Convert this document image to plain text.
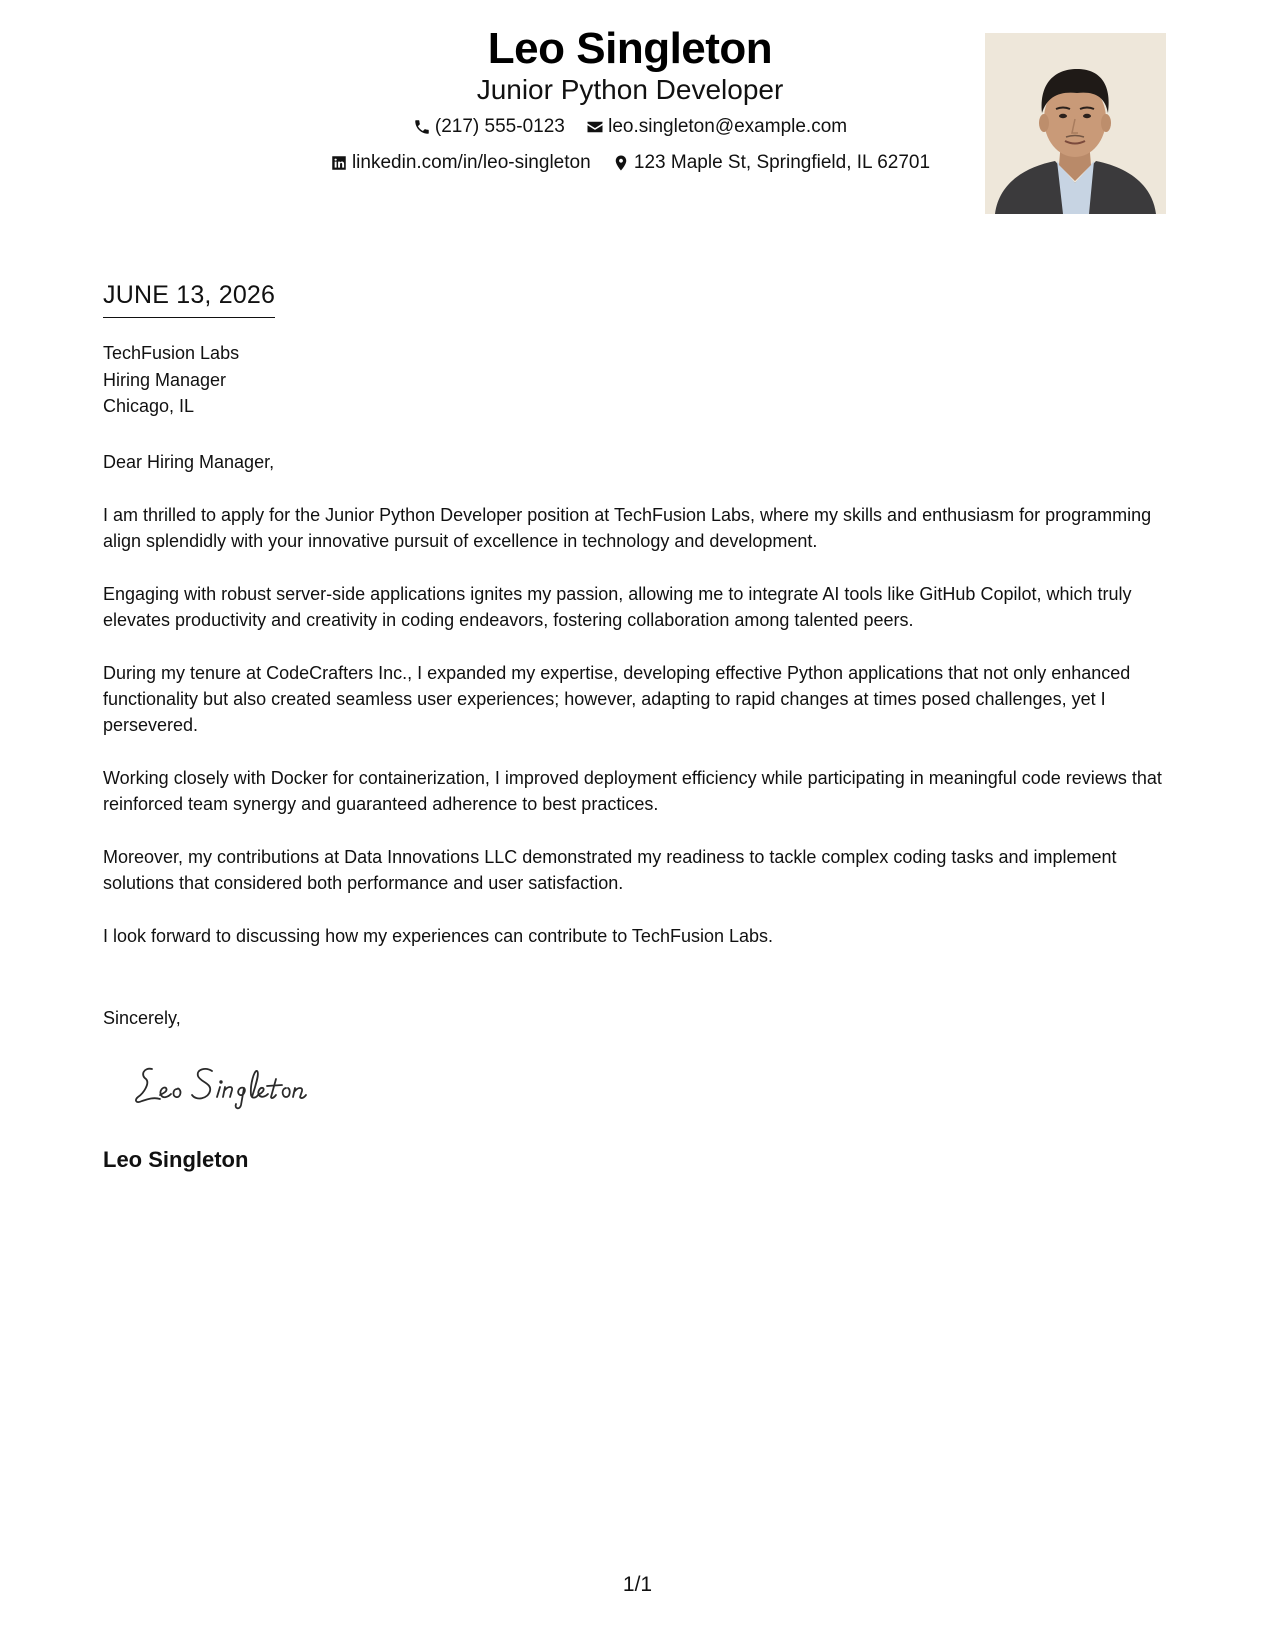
Leo Singleton
Junior Python Developer
(217) 555-0123
leo.singleton@example.com
linkedin.com/in/leo-singleton
123 Maple St, Springfield, IL 62701
JUNE 13, 2026
TechFusion Labs
Hiring Manager
Chicago, IL
Dear Hiring Manager,

I am thrilled to apply for the Junior Python Developer position at TechFusion Labs, where my skills and enthusiasm for programming align splendidly with your innovative pursuit of excellence in technology and development.

Engaging with robust server-side applications ignites my passion, allowing me to integrate AI tools like GitHub Copilot, which truly elevates productivity and creativity in coding endeavors, fostering collaboration among talented peers.

During my tenure at CodeCrafters Inc., I expanded my expertise, developing effective Python applications that not only enhanced functionality but also created seamless user experiences; however, adapting to rapid changes at times posed challenges, yet I persevered.

Working closely with Docker for containerization, I improved deployment efficiency while participating in meaningful code reviews that reinforced team synergy and guaranteed adherence to best practices.

Moreover, my contributions at Data Innovations LLC demonstrated my readiness to tackle complex coding tasks and implement solutions that considered both performance and user satisfaction.

I look forward to discussing how my experiences can contribute to TechFusion Labs.

Sincerely,
Leo Singleton
1/1
